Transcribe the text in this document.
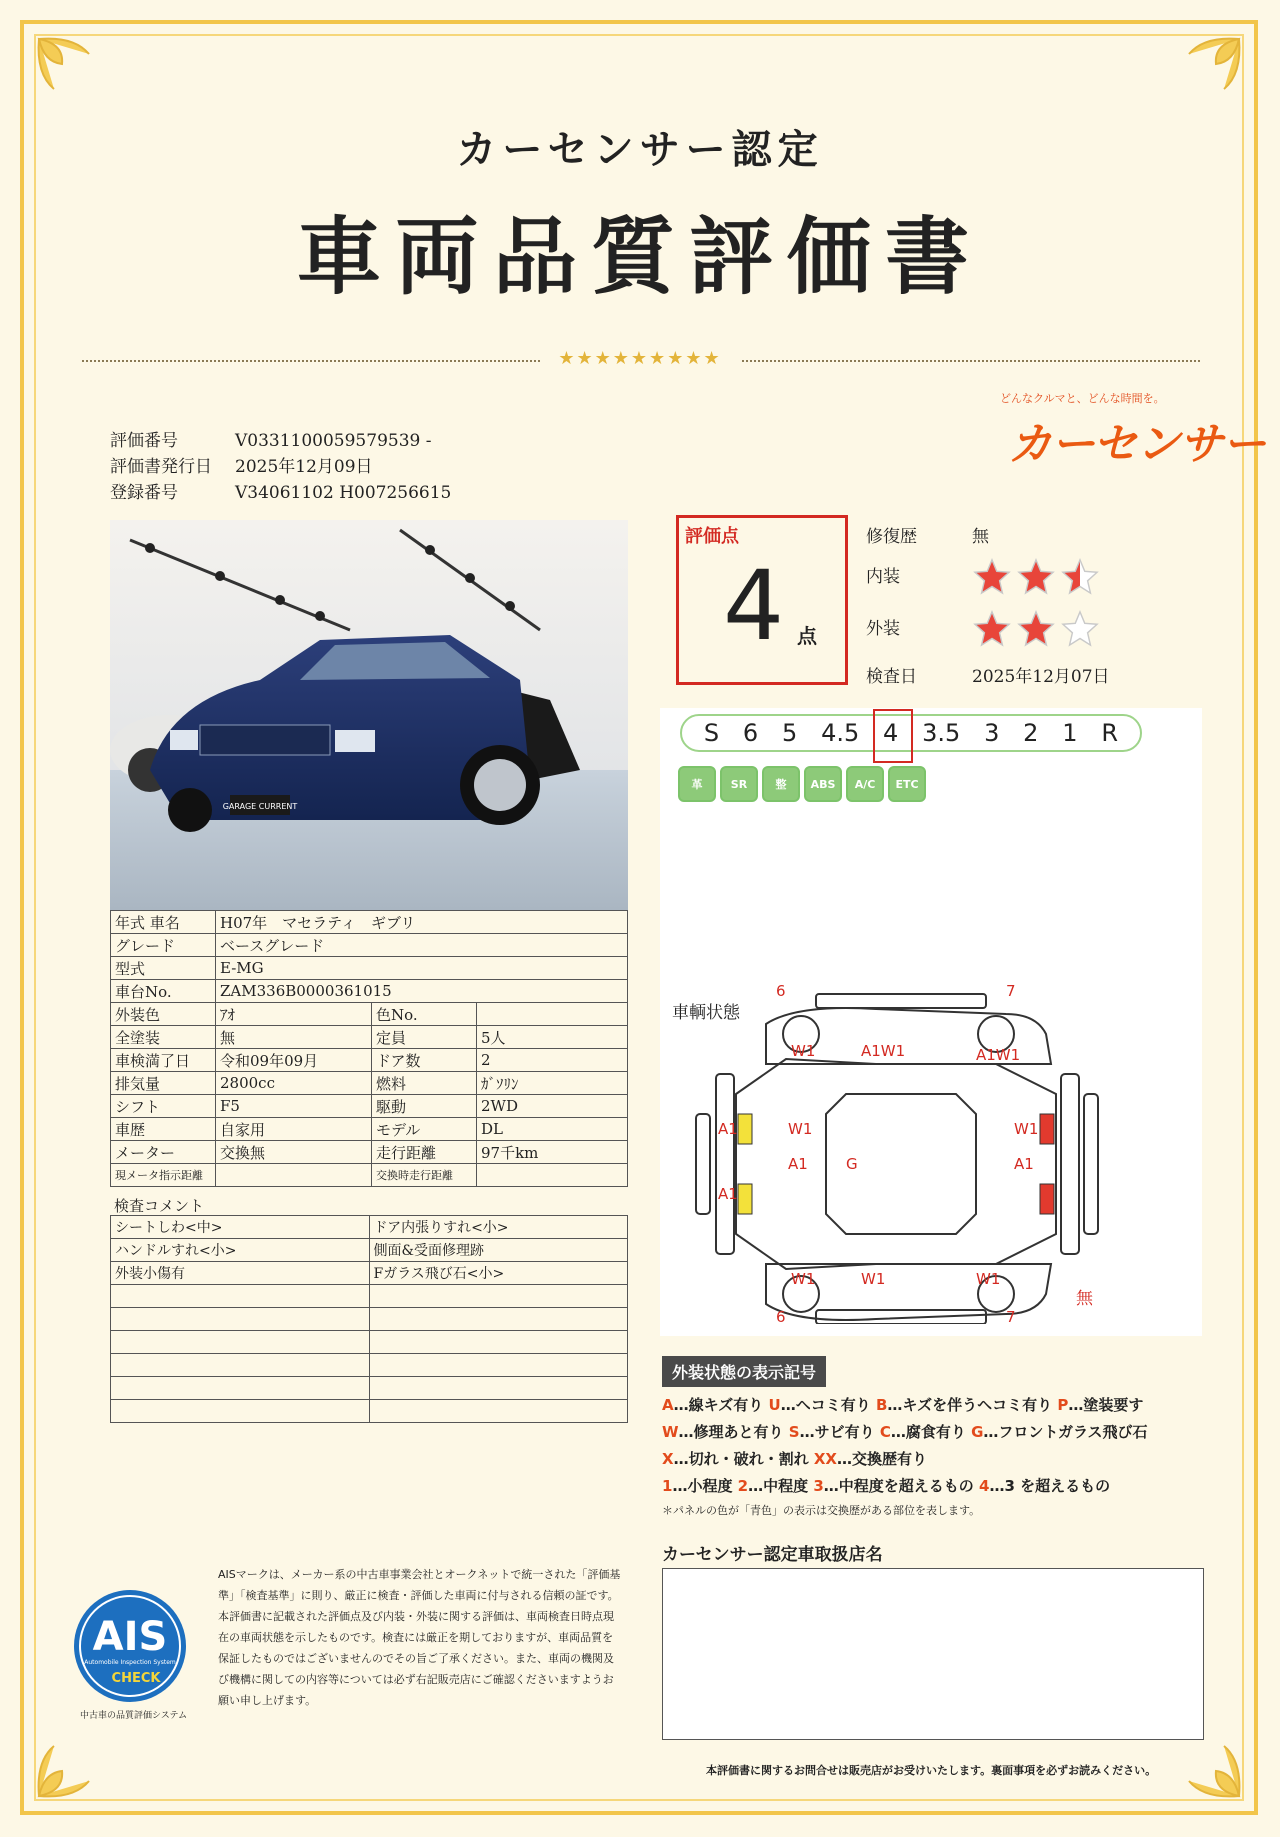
カーセンサー認定
車両品質評価書
★★★★★★★★★
どんなクルマと、どんな時間を。
カーセンサー
評価番号	V0331100059579539 -
評価書発行日	2025年12月09日
登録番号	V34061102 H007256615
GARAGE CURRENT
年式 車名	H07年　マセラティ　ギブリ		
グレード	ベースグレード		
型式	E-MG		
車台No.	ZAM336B0000361015		
外装色	ｱｵ	色No.	
全塗装	無	定員	5人
車検満了日	令和09年09月	ドア数	2
排気量	2800cc	燃料	ｶﾞｿﾘﾝ
シフト	F5	駆動	2WD
車歴	自家用	モデル	DL
メーター	交換無	走行距離	97千km
現メータ指示距離		交換時走行距離	
検査コメント
シートしわ<中>	ドア内張りすれ<小>
ハンドルすれ<小>	側面&受面修理跡
外装小傷有	Fガラス飛び石<小>

評価点
4 点
修復歴	無
内装
外装
検査日	2025年12月07日
S 6 5 4.5 4 3.5 3 2 1 R
革	SR	整	ABS	A/C	ETC
車輌状態
6	7
W1	A1W1	A1W1
A1	W1
A1
G
W1
A1	A1
W1	W1	W1
6	7
無
外装状態の表示記号
A…線キズ有り U…ヘコミ有り B…キズを伴うヘコミ有り P…塗装要す
W…修理あと有り S…サビ有り C…腐食有り G…フロントガラス飛び石
X…切れ・破れ・割れ XX…交換歴有り
1…小程度 2…中程度 3…中程度を超えるもの 4…3 を超えるもの
＊パネルの色が「青色」の表示は交換歴がある部位を表します。
カーセンサー認定車取扱店名
AIS
Automobile Inspection System
CHECK
中古車の品質評価システム
AISマークは、メーカー系の中古車事業会社とオークネットで統一された「評価基準」「検査基準」に則り、厳正に検査・評価した車両に付与される信頼の証です。
本評価書に記載された評価点及び内装・外装に関する評価は、車両検査日時点現在の車両状態を示したものです。検査には厳正を期しておりますが、車両品質を保証したものではございませんのでその旨ご了承ください。また、車両の機関及び機構に関しての内容等については必ず右記販売店にご確認くださいますようお願い申し上げます。
本評価書に関するお問合せは販売店がお受けいたします。裏面事項を必ずお読みください。
